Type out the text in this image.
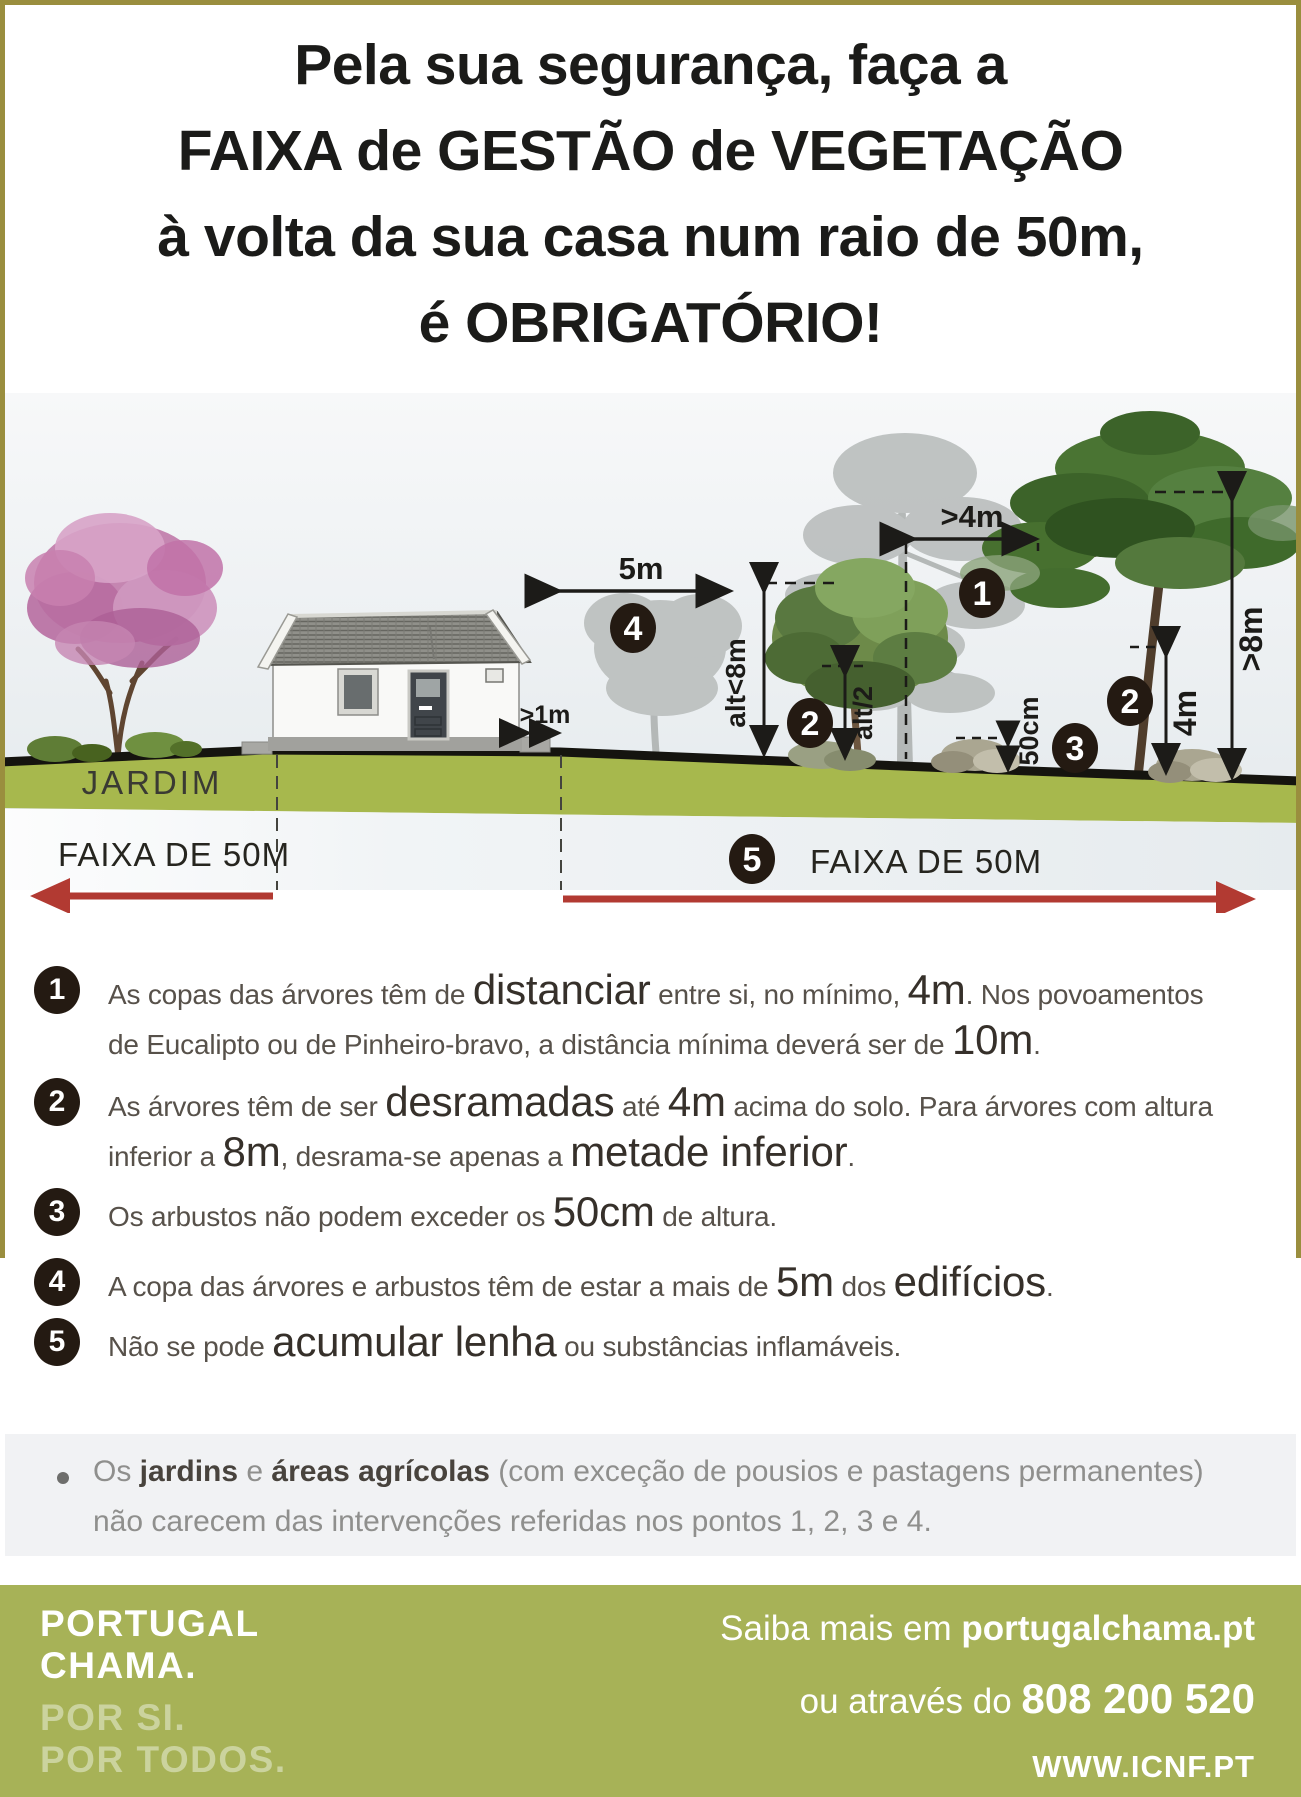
Pela sua segurança, faça a
FAIXA de GESTÃO de VEGETAÇÃO
à volta da sua casa num raio de 50m,
é OBRIGATÓRIO!
JARDIM
>1m
5m
>4m
alt<8m	alt/2	50cm	4m
>8m
4
1
2
2
3
5
FAIXA DE 50M	FAIXA DE 50M
1	As copas das árvores têm de distanciar entre si, no mínimo, 4m. Nos povoamentos
de Eucalipto ou de Pinheiro-bravo, a distância mínima deverá ser de 10m.
2	As árvores têm de ser desramadas até 4m acima do solo. Para árvores com altura
inferior a 8m, desrama-se apenas a metade inferior.
3	Os arbustos não podem exceder os 50cm de altura.
4	A copa das árvores e arbustos têm de estar a mais de 5m dos edifícios.
5	Não se pode acumular lenha ou substâncias inflamáveis.
Os jardins e áreas agrícolas (com exceção de pousios e pastagens permanentes)
não carecem das intervenções referidas nos pontos 1, 2, 3 e 4.
PORTUGAL
CHAMA.
POR SI.
POR TODOS.
Saiba mais em portugalchama.pt
ou através do 808 200 520
WWW.ICNF.PT
